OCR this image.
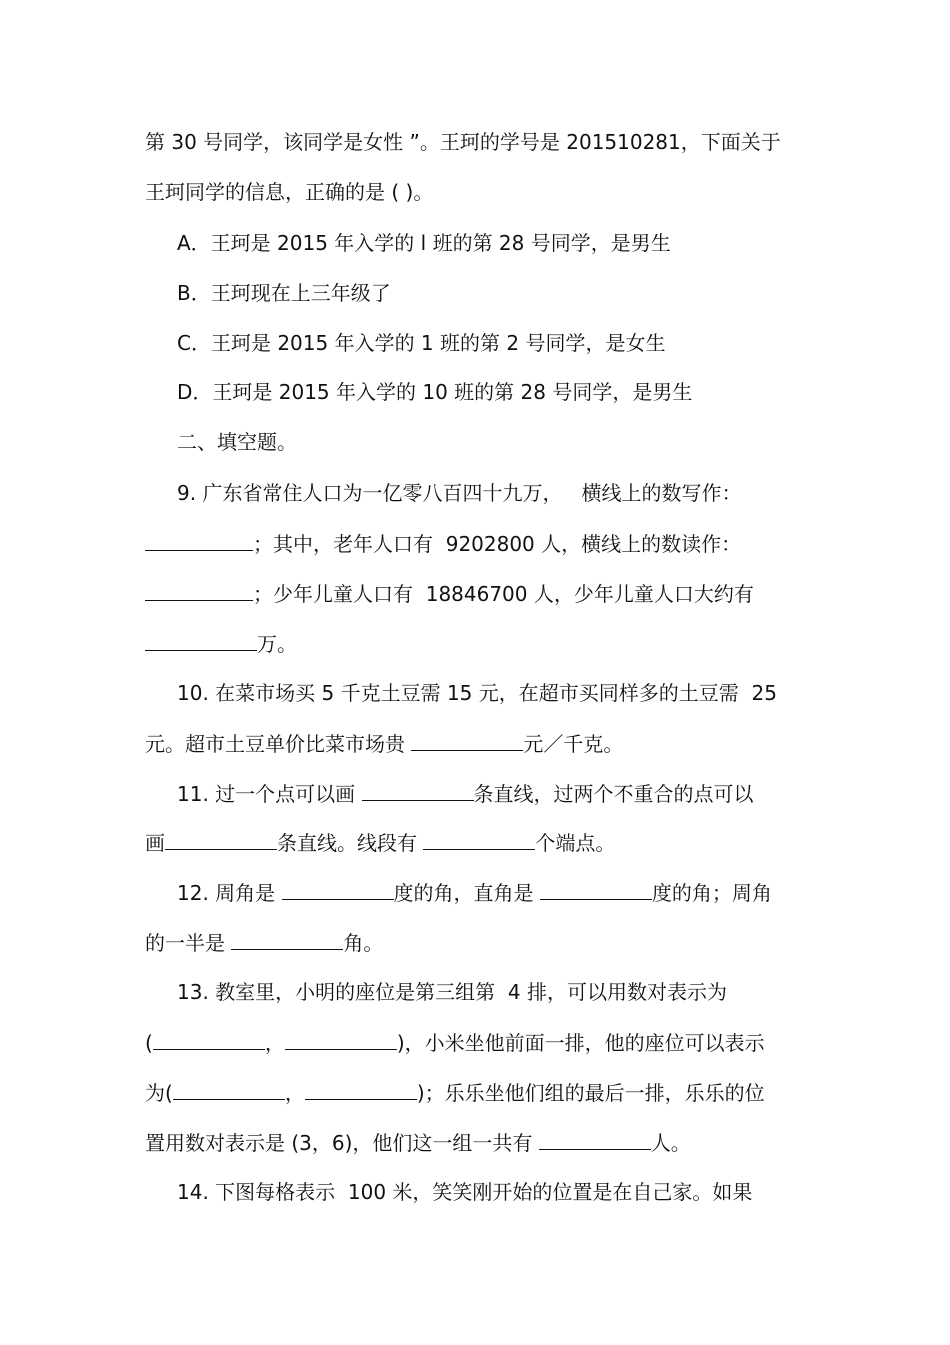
第 30 号同学，该同学是女性 ”。王珂的学号是 201510281，下面关于
王珂同学的信息，正确的是 ( )。
A．王珂是 2015 年入学的 l 班的第 28 号同学，是男生
B．王珂现在上三年级了
C．王珂是 2015 年入学的 1 班的第 2 号同学，是女生
D．王珂是 2015 年入学的 10 班的第 28 号同学，是男生
二、填空题。
9. 广东省常住人口为一亿零八百四十九万，   横线上的数写作：
；其中，老年人口有  9202800 人，横线上的数读作：
；少年儿童人口有  18846700 人，少年儿童人口大约有
万。
10. 在菜市场买 5 千克土豆需 15 元，在超市买同样多的土豆需  25
元。超市土豆单价比菜市场贵	元／千克。
11. 过一个点可以画	条直线，过两个不重合的点可以
画	条直线。线段有	个端点。
12. 周角是	度的角，直角是	度的角；周角
的一半是	角。
13. 教室里，小明的座位是第三组第  4 排，可以用数对表示为
(	，	)，小米坐他前面一排，他的座位可以表示
为(	，	)；乐乐坐他们组的最后一排，乐乐的位
置用数对表示是 (3，6)，他们这一组一共有	人。
14. 下图每格表示  100 米，笑笑刚开始的位置是在自己家。如果
